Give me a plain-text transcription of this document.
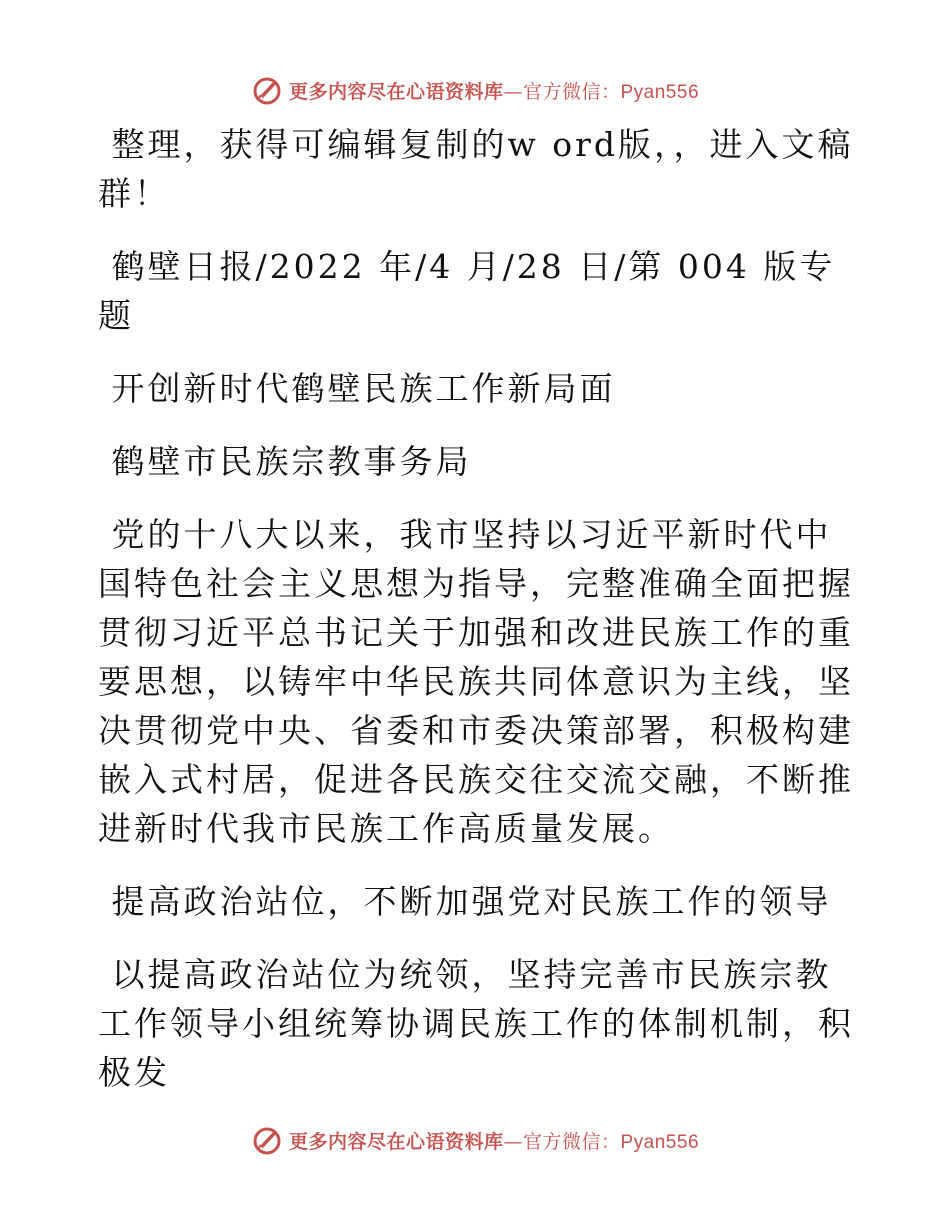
更多内容尽在心语资料库—官方微信：Pyan556

整理，获得可编辑复制的w ord版，，进入文稿群！

鹤壁日报/2022 年/4 月/28 日/第 004 版专题

开创新时代鹤壁民族工作新局面

鹤壁市民族宗教事务局

党的十八大以来，我市坚持以习近平新时代中国特色社会主义思想为指导，完整准确全面把握贯彻习近平总书记关于加强和改进民族工作的重要思想，以铸牢中华民族共同体意识为主线，坚决贯彻党中央、省委和市委决策部署，积极构建嵌入式村居，促进各民族交往交流交融，不断推进新时代我市民族工作高质量发展。

提高政治站位，不断加强党对民族工作的领导

以提高政治站位为统领，坚持完善市民族宗教工作领导小组统筹协调民族工作的体制机制，积极发

更多内容尽在心语资料库—官方微信：Pyan556
